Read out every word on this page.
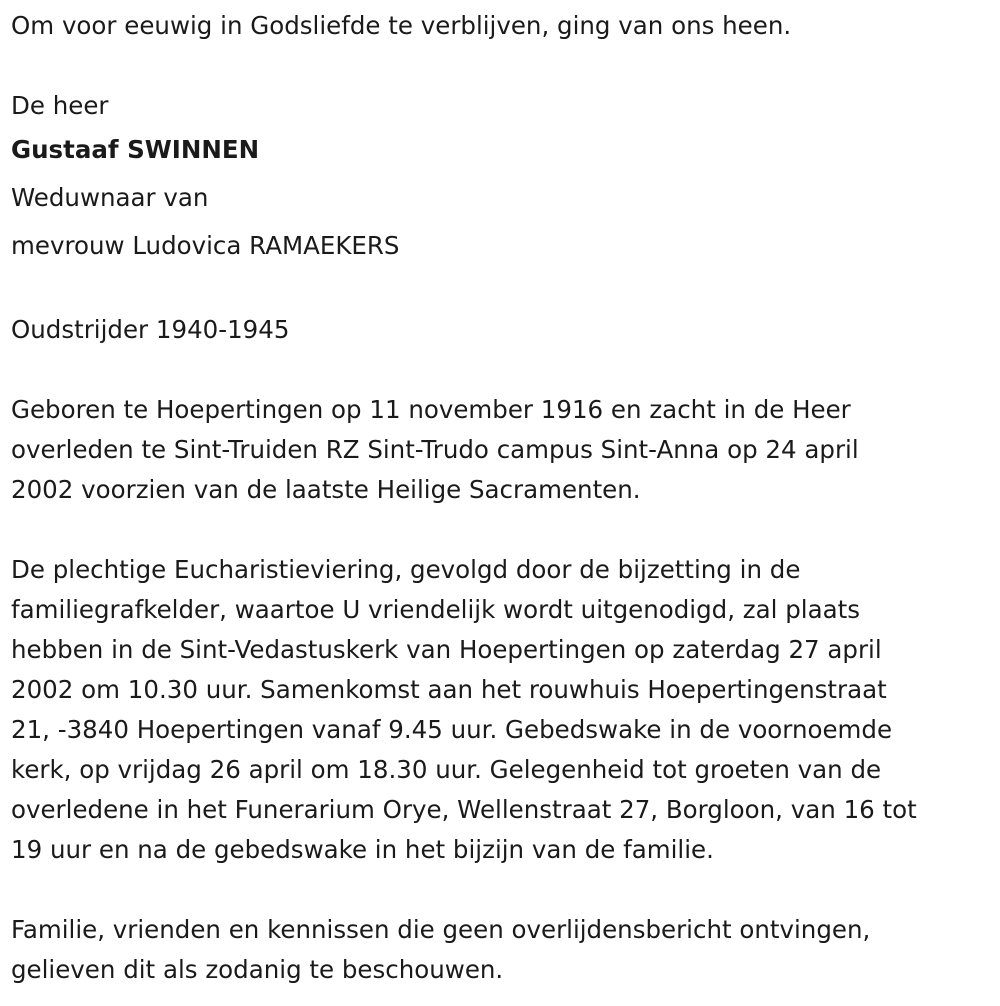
Om voor eeuwig in Godsliefde te verblijven, ging van ons heen.

De heer

Gustaaf SWINNEN

Weduwnaar van

mevrouw Ludovica RAMAEKERS

Oudstrijder 1940-1945

Geboren te Hoepertingen op 11 november 1916 en zacht in de Heer

overleden te Sint-Truiden RZ Sint-Trudo campus Sint-Anna op 24 april

2002 voorzien van de laatste Heilige Sacramenten.

De plechtige Eucharistieviering, gevolgd door de bijzetting in de

familiegrafkelder, waartoe U vriendelijk wordt uitgenodigd, zal plaats

hebben in de Sint-Vedastuskerk van Hoepertingen op zaterdag 27 april

2002 om 10.30 uur. Samenkomst aan het rouwhuis Hoepertingenstraat

21, -3840 Hoepertingen vanaf 9.45 uur. Gebedswake in de voornoemde

kerk, op vrijdag 26 april om 18.30 uur. Gelegenheid tot groeten van de

overledene in het Funerarium Orye, Wellenstraat 27, Borgloon, van 16 tot

19 uur en na de gebedswake in het bijzijn van de familie.

Familie, vrienden en kennissen die geen overlijdensbericht ontvingen,

gelieven dit als zodanig te beschouwen.
